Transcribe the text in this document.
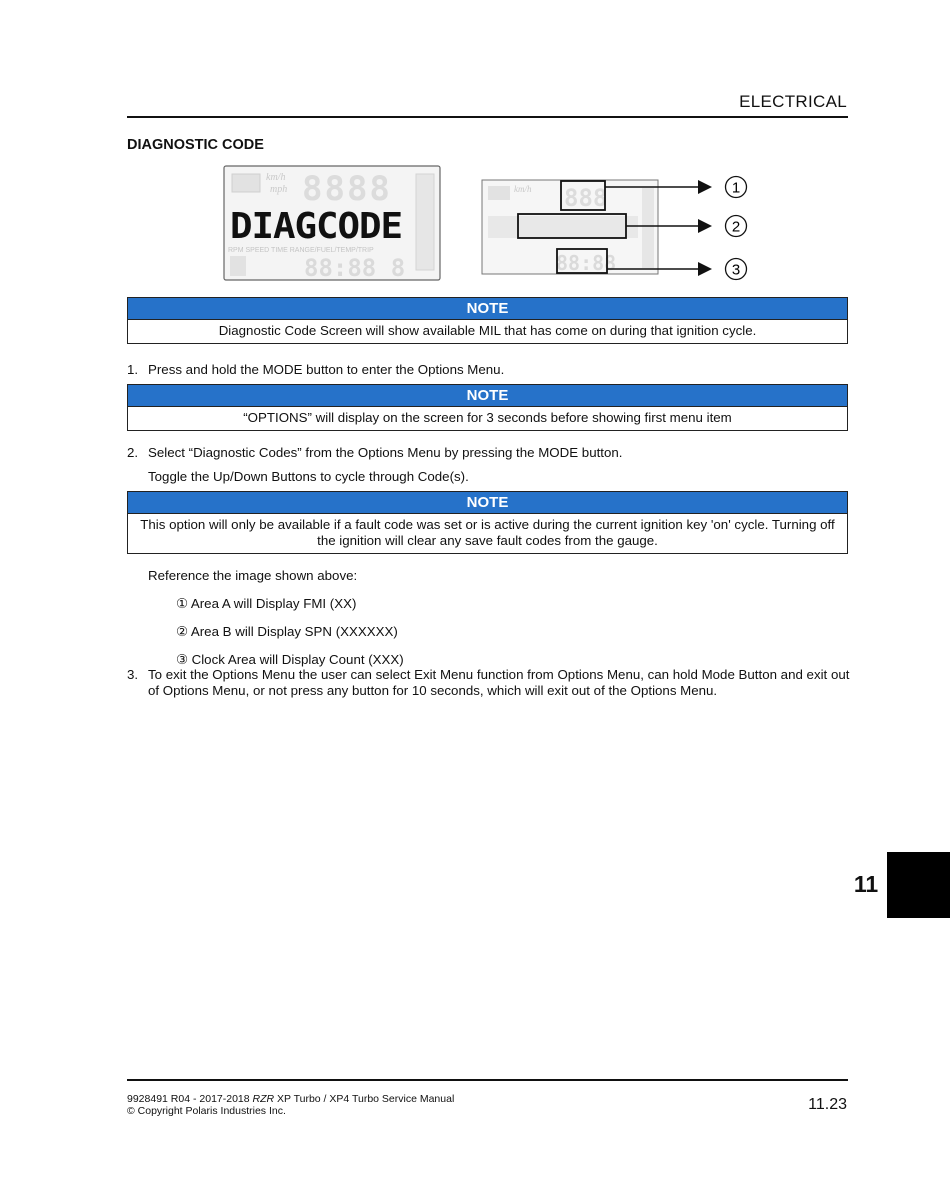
ELECTRICAL
DIAGNOSTIC CODE
km/h
mph 8888
DIAGCODE
RPM SPEED TIME RANGE/FUEL/TEMP/TRIP
88:88 8
km/h 888
88:88
1
2
3
NOTE
Diagnostic Code Screen will show available MIL that has come on during that ignition cycle.
1. Press and hold the MODE button to enter the Options Menu.
NOTE
“OPTIONS” will display on the screen for 3 seconds before showing first menu item
2. Select “Diagnostic Codes” from the Options Menu by pressing the MODE button.
Toggle the Up/Down Buttons to cycle through Code(s).
NOTE
This option will only be available if a fault code was set or is active during the current ignition key 'on' cycle. Turning off the ignition will clear any save fault codes from the gauge.
Reference the image shown above:
① Area A will Display FMI (XX)
② Area B will Display SPN (XXXXXX)
③ Clock Area will Display Count (XXX)
3. To exit the Options Menu the user can select Exit Menu function from Options Menu, can hold Mode Button and exit out of Options Menu, or not press any button for 10 seconds, which will exit out of the Options Menu.
11
9928491 R04 - 2017-2018 RZR XP Turbo / XP4 Turbo Service Manual
© Copyright Polaris Industries Inc.	11.23
